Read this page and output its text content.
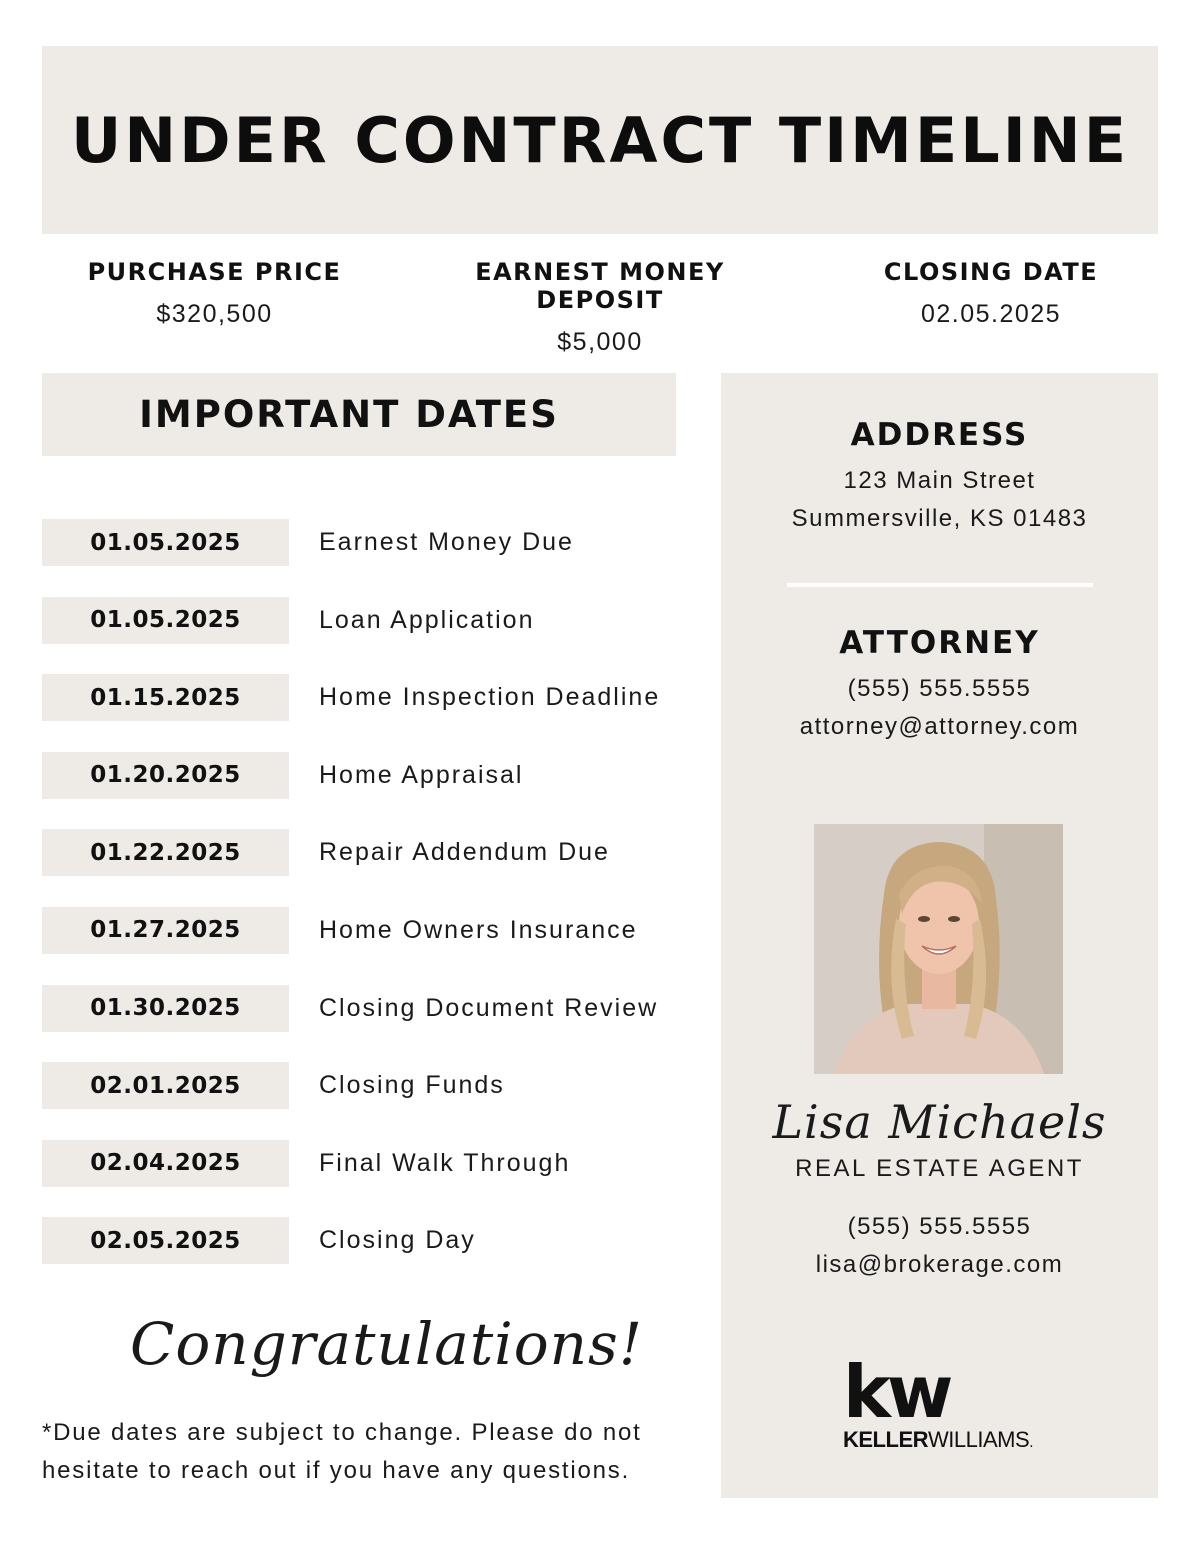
UNDER CONTRACT TIMELINE
PURCHASE PRICE
$320,500
EARNEST MONEY DEPOSIT
$5,000
CLOSING DATE
02.05.2025
IMPORTANT DATES
01.05.2025	Earnest Money Due
01.05.2025	Loan Application
01.15.2025	Home Inspection Deadline
01.20.2025	Home Appraisal
01.22.2025	Repair Addendum Due
01.27.2025	Home Owners Insurance
01.30.2025	Closing Document Review
02.01.2025	Closing Funds
02.04.2025	Final Walk Through
02.05.2025	Closing Day
Congratulations!
*Due dates are subject to change. Please do not
hesitate to reach out if you have any questions.
ADDRESS
123 Main Street
Summersville, KS 01483
ATTORNEY
(555) 555.5555
attorney@attorney.com
Lisa Michaels
REAL ESTATE AGENT
(555) 555.5555
lisa@brokerage.com
kw
KELLERWILLIAMS.
